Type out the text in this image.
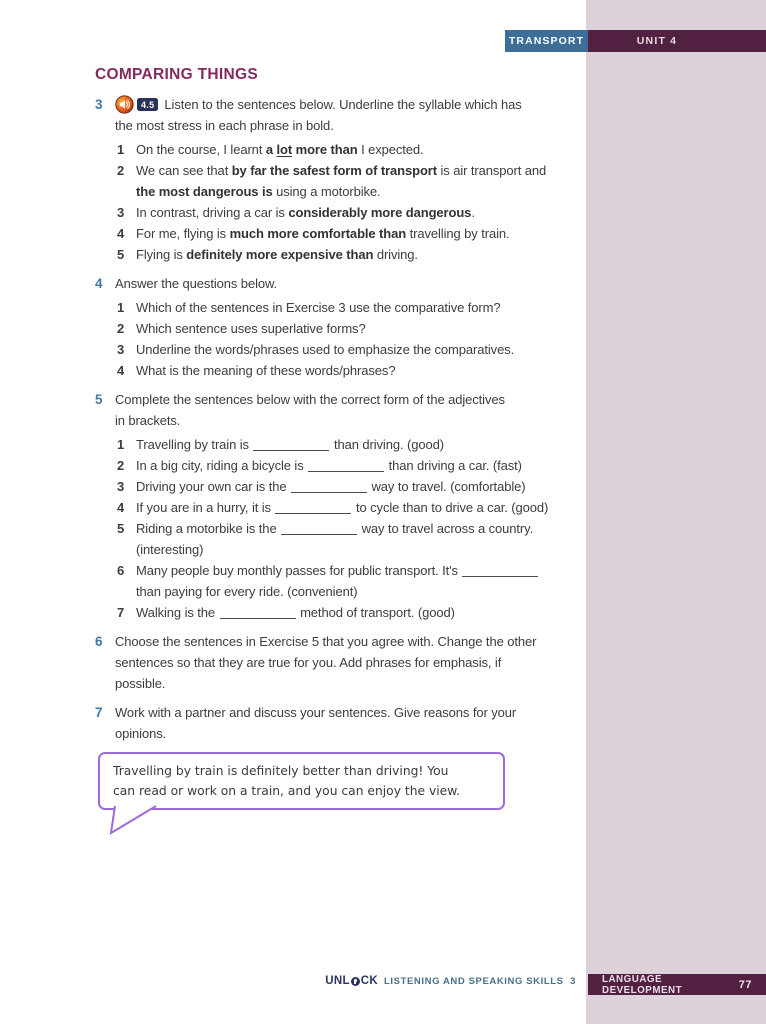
TRANSPORT	UNIT 4
COMPARING THINGS
3	4.5 Listen to the sentences below. Underline the syllable which has
the most stress in each phrase in bold.
1 On the course, I learnt a lot more than I expected.
2 We can see that by far the safest form of transport is air transport and
the most dangerous is using a motorbike.
3 In contrast, driving a car is considerably more dangerous.
4 For me, flying is much more comfortable than travelling by train.
5 Flying is definitely more expensive than driving.
4 Answer the questions below.
1 Which of the sentences in Exercise 3 use the comparative form?
2 Which sentence uses superlative forms?
3 Underline the words/phrases used to emphasize the comparatives.
4 What is the meaning of these words/phrases?
5 Complete the sentences below with the correct form of the adjectives
in brackets.
1 Travelling by train is	than driving. (good)
2 In a big city, riding a bicycle is	than driving a car. (fast)
3 Driving your own car is the	way to travel. (comfortable)
4 If you are in a hurry, it is	to cycle than to drive a car. (good)
5 Riding a motorbike is the	way to travel across a country.
(interesting)
6 Many people buy monthly passes for public transport. It's
than paying for every ride. (convenient)
7 Walking is the	method of transport. (good)
6 Choose the sentences in Exercise 5 that you agree with. Change the other
sentences so that they are true for you. Add phrases for emphasis, if
possible.
7 Work with a partner and discuss your sentences. Give reasons for your
opinions.
Travelling by train is definitely better than driving! You
can read or work on a train, and you can enjoy the view.
UNL CK LISTENING AND SPEAKING SKILLS 3	LANGUAGE DEVELOPMENT	77
